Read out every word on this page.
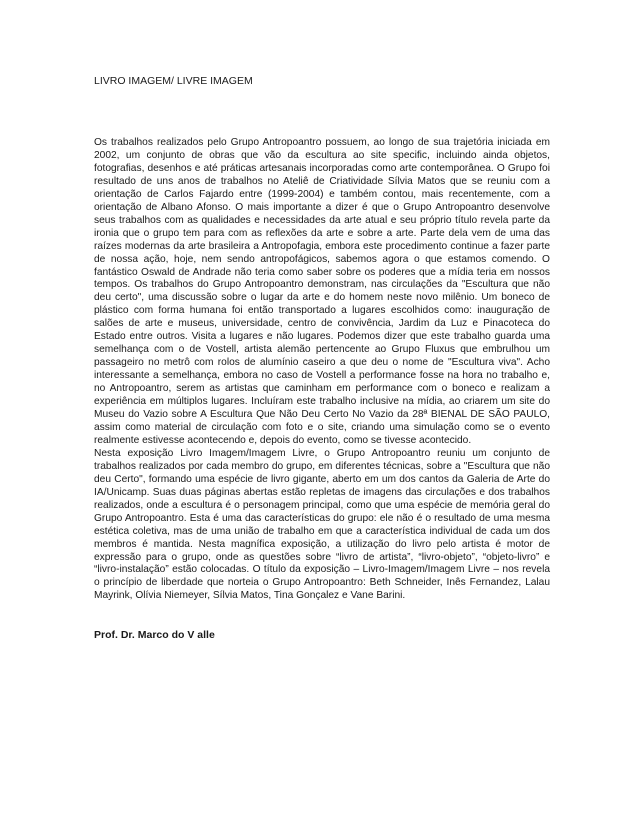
LIVRO IMAGEM/ LIVRE IMAGEM

Os trabalhos realizados pelo Grupo Antropoantro possuem, ao longo de sua trajetória iniciada em 2002, um conjunto de obras que vão da escultura ao site specific, incluindo ainda objetos, fotografias, desenhos e até práticas artesanais incorporadas como arte contemporânea. O Grupo foi resultado de uns anos de trabalhos no Ateliê de Criatividade Sílvia Matos que se reuniu com a orientação de Carlos Fajardo entre (1999-2004) e também contou, mais recentemente, com a orientação de Albano Afonso. O mais importante a dizer é que o Grupo Antropoantro desenvolve seus trabalhos com as qualidades e necessidades da arte atual e seu próprio título revela parte da ironia que o grupo tem para com as reflexões da arte e sobre a arte. Parte dela vem de uma das raízes modernas da arte brasileira a Antropofagia, embora este procedimento continue a fazer parte de nossa ação, hoje, nem sendo antropofágicos, sabemos agora o que estamos comendo. O fantástico Oswald de Andrade não teria como saber sobre os poderes que a mídia teria em nossos tempos. Os trabalhos do Grupo Antropoantro demonstram, nas circulações da "Escultura que não deu certo", uma discussão sobre o lugar da arte e do homem neste novo milênio. Um boneco de plástico com forma humana foi então transportado a lugares escolhidos como: inauguração de salões de arte e museus, universidade, centro de convivência, Jardim da Luz e Pinacoteca do Estado entre outros. Visita a lugares e não lugares. Podemos dizer que este trabalho guarda uma semelhança com o de Vostell, artista alemão pertencente ao Grupo Fluxus que embrulhou um passageiro no metrô com rolos de alumínio caseiro a que deu o nome de "Escultura viva". Acho interessante a semelhança, embora no caso de Vostell a performance fosse na hora no trabalho e, no Antropoantro, serem as artistas que caminham em performance com o boneco e realizam a experiência em múltiplos lugares. Incluíram este trabalho inclusive na mídia, ao criarem um site do Museu do Vazio sobre A Escultura Que Não Deu Certo No Vazio da 28ª BIENAL DE SÃO PAULO, assim como material de circulação com foto e o site, criando uma simulação como se o evento realmente estivesse acontecendo e, depois do evento, como se tivesse acontecido.

Nesta exposição Livro Imagem/Imagem Livre, o Grupo Antropoantro reuniu um conjunto de trabalhos realizados por cada membro do grupo, em diferentes técnicas, sobre a "Escultura que não deu Certo", formando uma espécie de livro gigante, aberto em um dos cantos da Galeria de Arte do IA/Unicamp. Suas duas páginas abertas estão repletas de imagens das circulações e dos trabalhos realizados, onde a escultura é o personagem principal, como que uma espécie de memória geral do Grupo Antropoantro. Esta é uma das características do grupo: ele não é o resultado de uma mesma estética coletiva, mas de uma união de trabalho em que a característica individual de cada um dos membros é mantida. Nesta magnífica exposição, a utilização do livro pelo artista é motor de expressão para o grupo, onde as questões sobre “livro de artista”, “livro-objeto”, “objeto-livro” e “livro-instalação” estão colocadas. O título da exposição – Livro-Imagem/Imagem Livre – nos revela o princípio de liberdade que norteia o Grupo Antropoantro: Beth Schneider, Inês Fernandez, Lalau Mayrink, Olívia Niemeyer, Sílvia Matos, Tina Gonçalez e Vane Barini.

Prof. Dr. Marco do V alle
